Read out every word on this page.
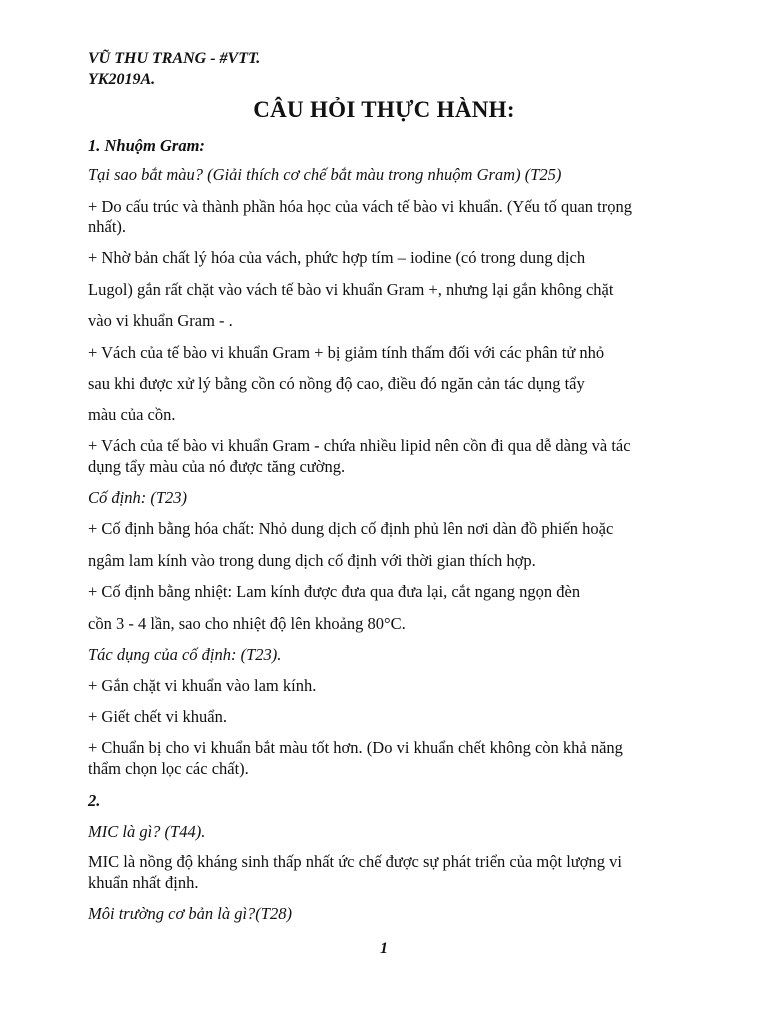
VŨ THU TRANG - #VTT.
YK2019A.
CÂU HỎI THỰC HÀNH:
1. Nhuộm Gram:
Tại sao bắt màu? (Giải thích cơ chế bắt màu trong nhuộm Gram) (T25)
+ Do cấu trúc và thành phần hóa học của vách tế bào vi khuẩn. (Yếu tố quan trọng
nhất).
+ Nhờ bản chất lý hóa của vách, phức hợp tím – iodine (có trong dung dịch
Lugol) gắn rất chặt vào vách tế bào vi khuẩn Gram +, nhưng lại gắn không chặt
vào vi khuẩn Gram - .
+ Vách của tế bào vi khuẩn Gram + bị giảm tính thấm đối với các phân tử nhỏ
sau khi được xử lý bằng cồn có nồng độ cao, điều đó ngăn cản tác dụng tẩy
màu của cồn.
+ Vách của tế bào vi khuẩn Gram - chứa nhiều lipid nên cồn đi qua dễ dàng và tác
dụng tẩy màu của nó được tăng cường.
Cố định: (T23)
+ Cố định bằng hóa chất: Nhỏ dung dịch cố định phủ lên nơi dàn đồ phiến hoặc
ngâm lam kính vào trong dung dịch cố định với thời gian thích hợp.
+ Cố định bằng nhiệt: Lam kính được đưa qua đưa lại, cắt ngang ngọn đèn
cồn 3 - 4 lần, sao cho nhiệt độ lên khoảng 80°C.
Tác dụng của cố định: (T23).
+ Gắn chặt vi khuẩn vào lam kính.
+ Giết chết vi khuẩn.
+ Chuẩn bị cho vi khuẩn bắt màu tốt hơn. (Do vi khuẩn chết không còn khả năng
thẩm chọn lọc các chất).
2.
MIC là gì? (T44).
MIC là nồng độ kháng sinh thấp nhất ức chế được sự phát triển của một lượng vi
khuẩn nhất định.
Môi trường cơ bản là gì?(T28)
1
